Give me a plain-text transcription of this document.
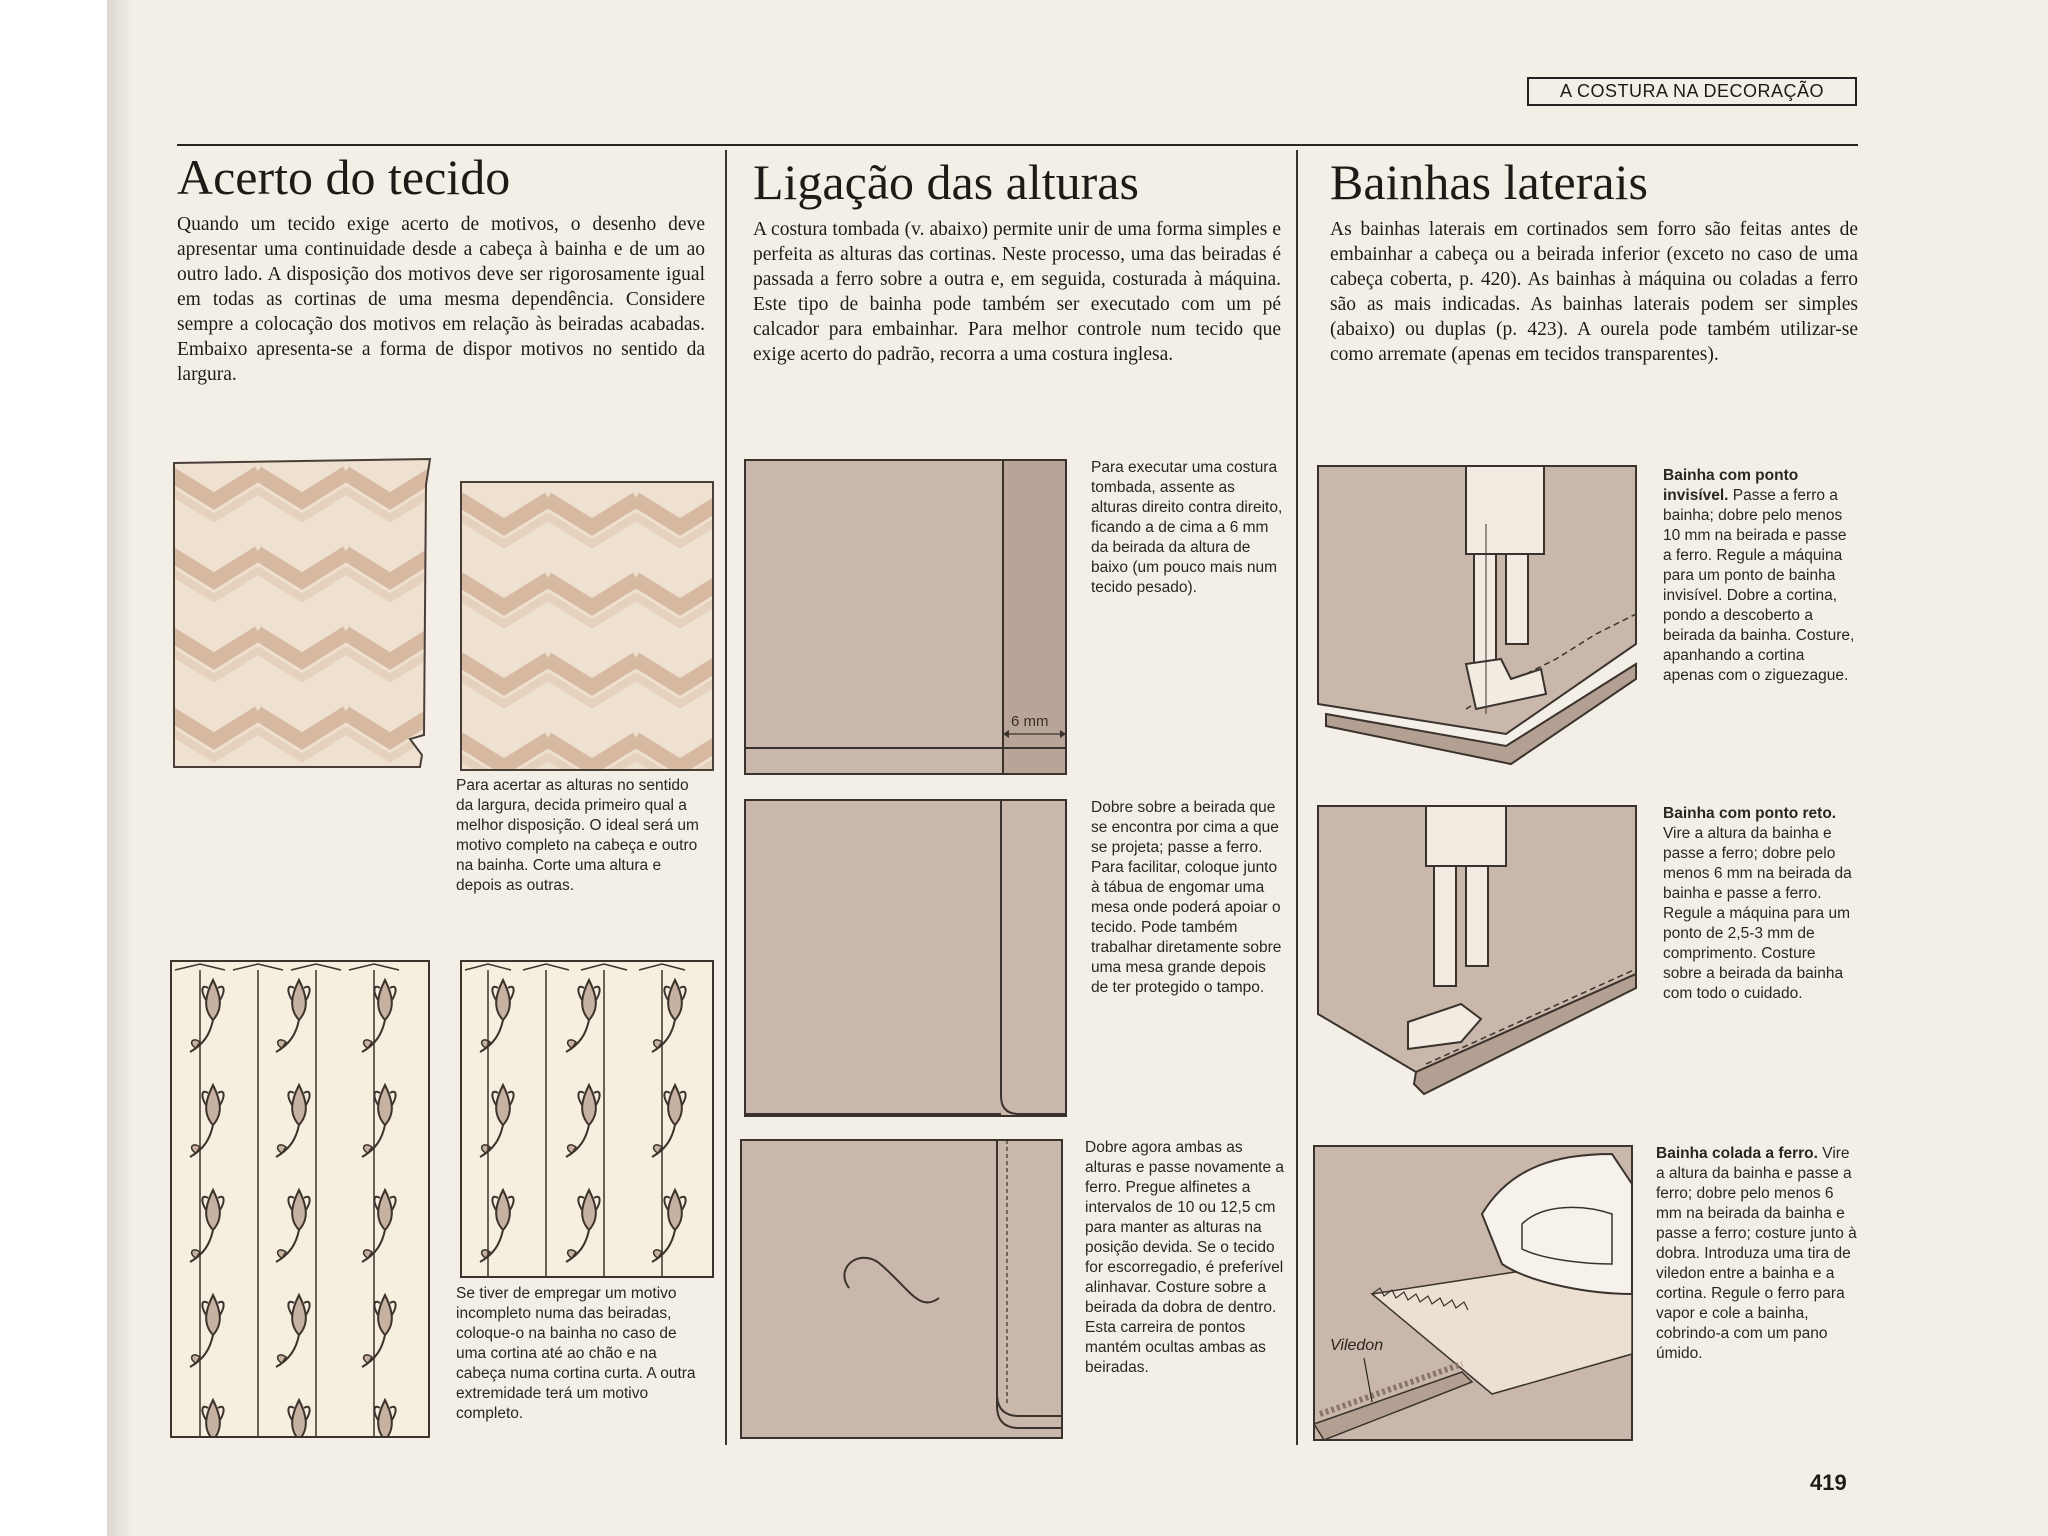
A COSTURA NA DECORAÇÃO
Acerto do tecido

Quando um tecido exige acerto de motivos, o desenho deve apresentar uma continuidade desde a cabeça à bainha e de um ao outro lado. A disposição dos motivos deve ser rigorosamente igual em todas as cortinas de uma mesma dependência. Considere sempre a colocação dos motivos em relação às beiradas acabadas. Embaixo apresenta-se a forma de dispor motivos no sentido da largura.

Para acertar as alturas no sentido da largura, decida primeiro qual a melhor disposição. O ideal será um motivo completo na cabeça e outro na bainha. Corte uma altura e depois as outras.

Se tiver de empregar um motivo incompleto numa das beiradas, coloque-o na bainha no caso de uma cortina até ao chão e na cabeça numa cortina curta. A outra extremidade terá um motivo completo.

Ligação das alturas

A costura tombada (v. abaixo) permite unir de uma forma simples e perfeita as alturas das cortinas. Neste processo, uma das beiradas é passada a ferro sobre a outra e, em seguida, costurada à máquina. Este tipo de bainha pode também ser executado com um pé calcador para embainhar. Para melhor controle num tecido que exige acerto do padrão, recorra a uma costura inglesa.

6 mm

Para executar uma costura tombada, assente as alturas direito contra direito, ficando a de cima a 6 mm da beirada da altura de baixo (um pouco mais num tecido pesado).

Dobre sobre a beirada que se encontra por cima a que se projeta; passe a ferro. Para facilitar, coloque junto à tábua de engomar uma mesa onde poderá apoiar o tecido. Pode também trabalhar diretamente sobre uma mesa grande depois de ter protegido o tampo.

Dobre agora ambas as alturas e passe novamente a ferro. Pregue alfinetes a intervalos de 10 ou 12,5 cm para manter as alturas na posição devida. Se o tecido for escorregadio, é preferível alinhavar. Costure sobre a beirada da dobra de dentro. Esta carreira de pontos mantém ocultas ambas as beiradas.

Bainhas laterais

As bainhas laterais em cortinados sem forro são feitas antes de embainhar a cabeça ou a beirada inferior (exceto no caso de uma cabeça coberta, p. 420). As bainhas à máquina ou coladas a ferro são as mais indicadas. As bainhas laterais podem ser simples (abaixo) ou duplas (p. 423). A ourela pode também utilizar-se como arremate (apenas em tecidos transparentes).

Bainha com ponto invisível. Passe a ferro a bainha; dobre pelo menos 10 mm na beirada e passe a ferro. Regule a máquina para um ponto de bainha invisível. Dobre a cortina, pondo a descoberto a beirada da bainha. Costure, apanhando a cortina apenas com o ziguezague.

Bainha com ponto reto. Vire a altura da bainha e passe a ferro; dobre pelo menos 6 mm na beirada da bainha e passe a ferro. Regule a máquina para um ponto de 2,5-3 mm de comprimento. Costure sobre a beirada da bainha com todo o cuidado.

Viledon

Bainha colada a ferro. Vire a altura da bainha e passe a ferro; dobre pelo menos 6 mm na beirada da bainha e passe a ferro; costure junto à dobra. Introduza uma tira de viledon entre a bainha e a cortina. Regule o ferro para vapor e cole a bainha, cobrindo-a com um pano úmido.

419
